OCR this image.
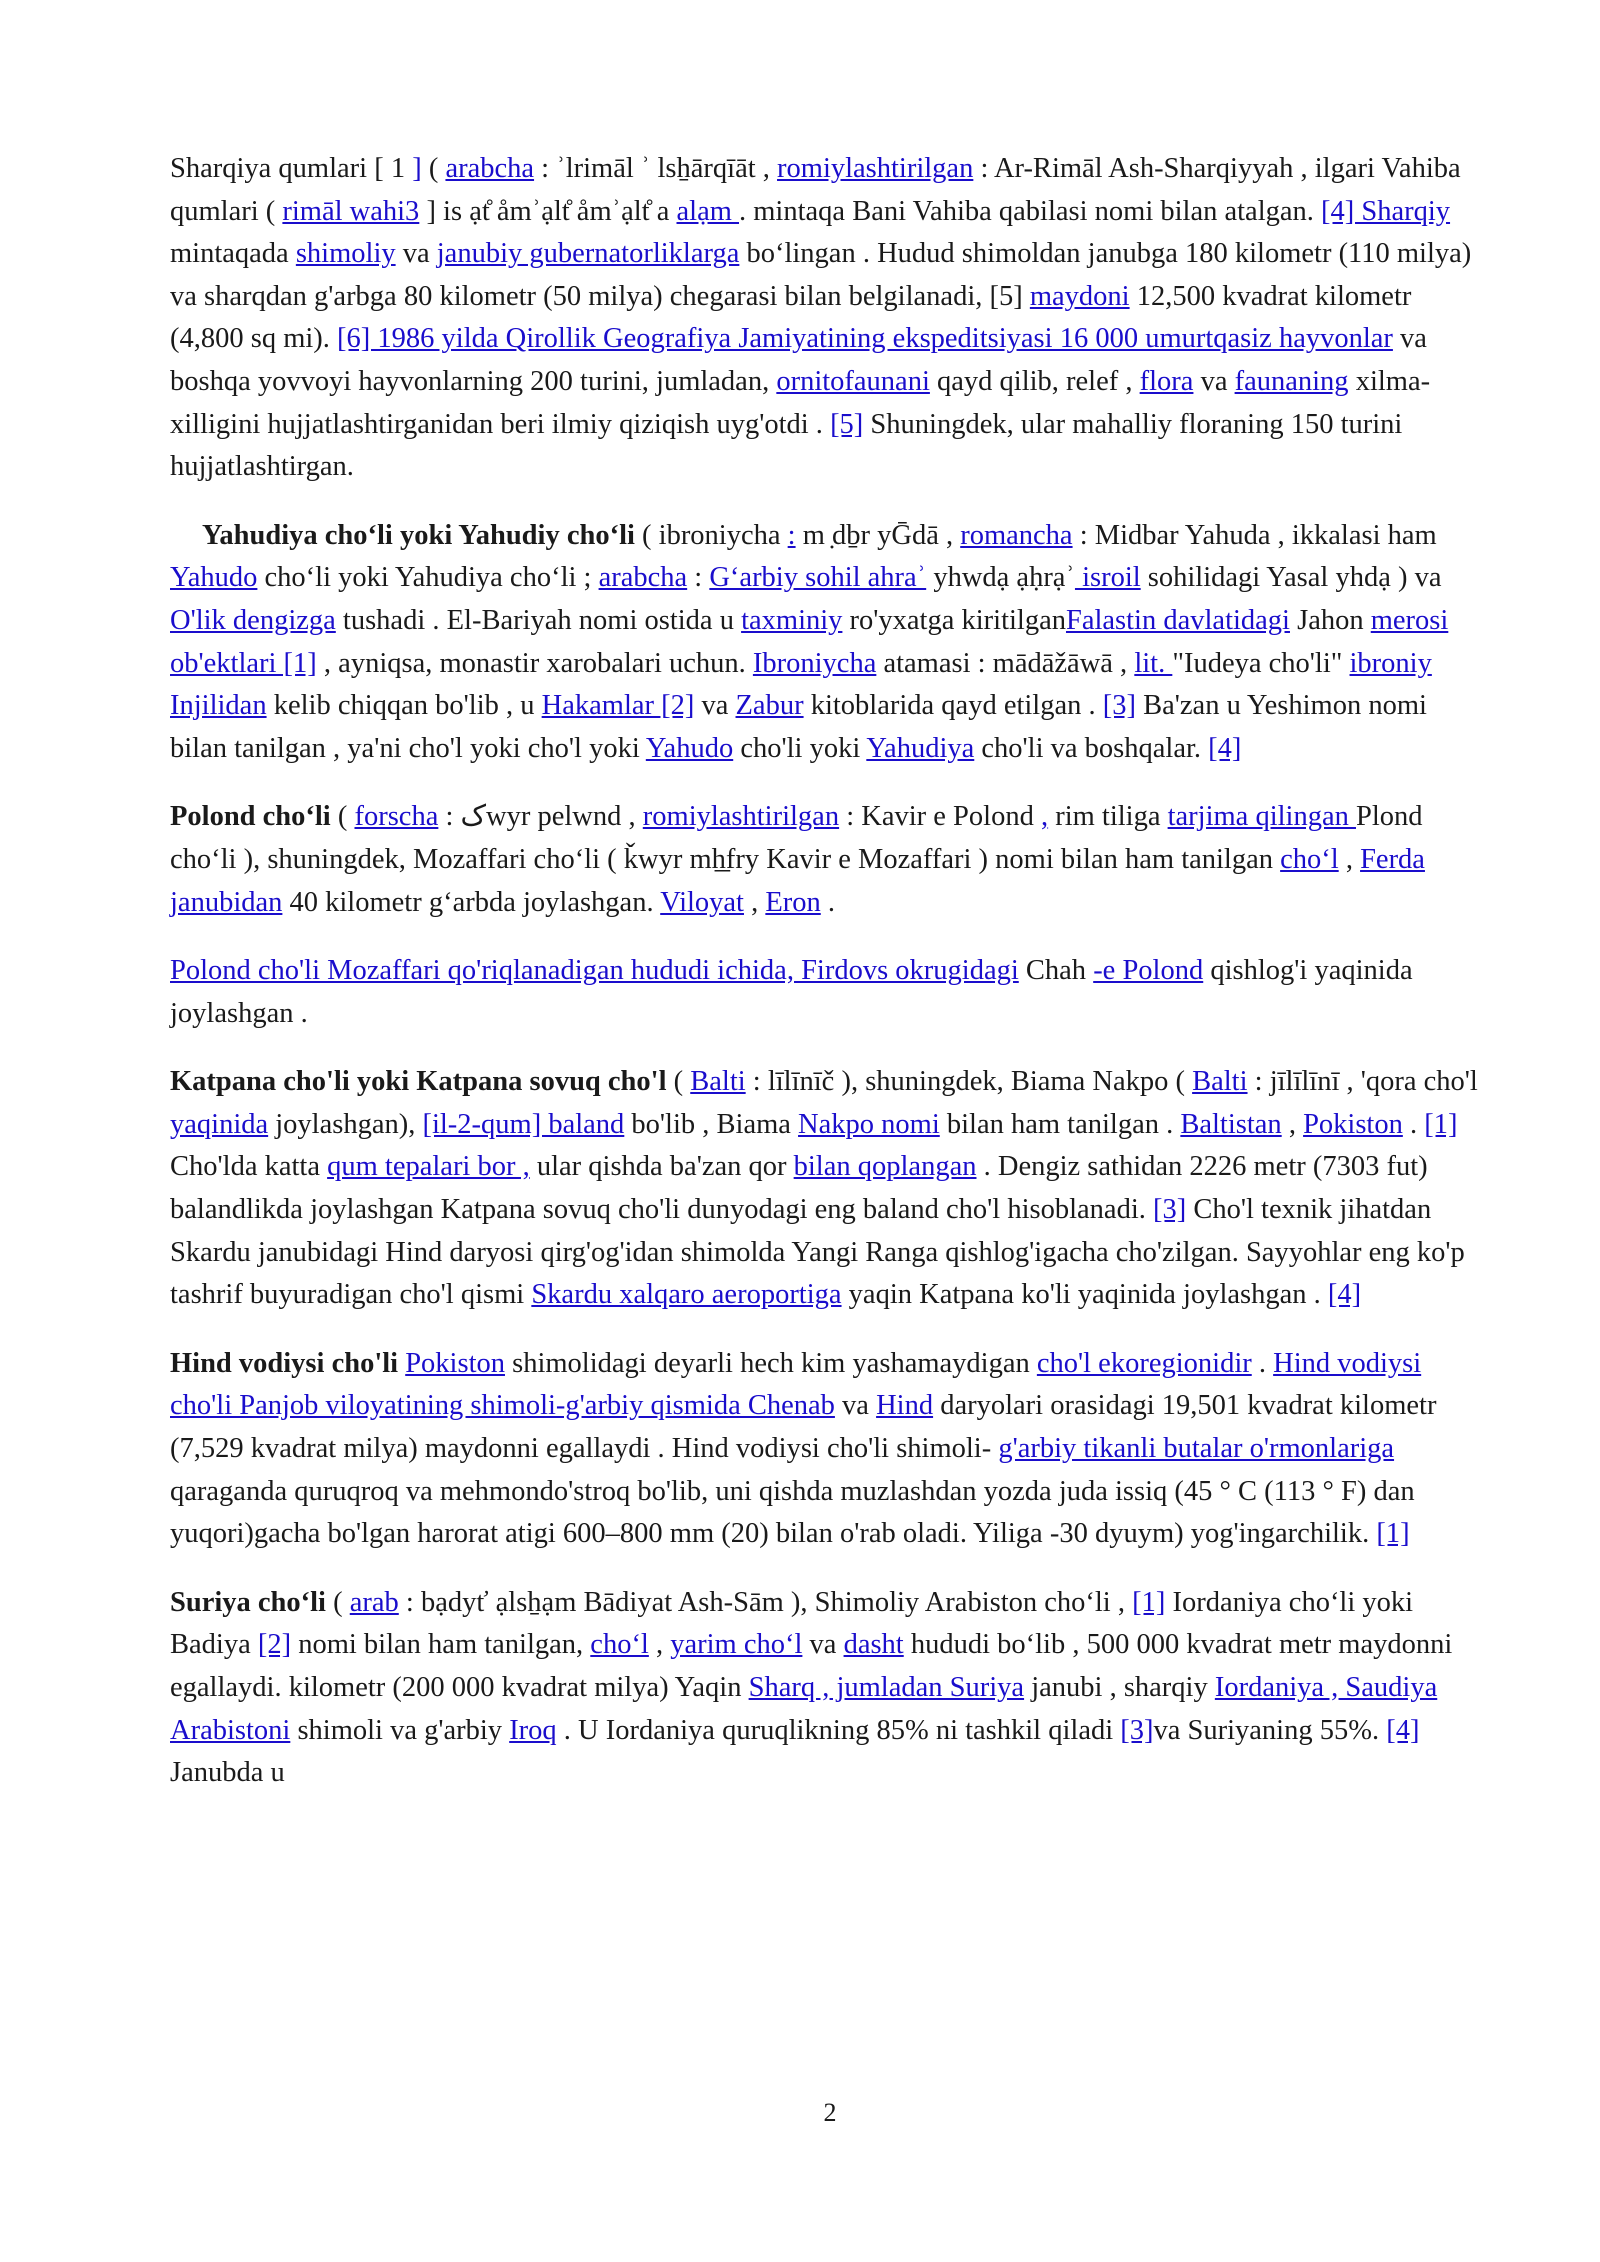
Sharqiya qumlari [ 1 ] ( arabcha : ʾlrimāl ʾ lsẖārqīāt , romiylashtirilgan : Ar-Rimāl Ash-Sharqiyyah , ilgari Vahiba qumlari ( rimāl wahi3 ] is ạt̊ åmʾạlt̊ åmʾạlt̊ a alạm . mintaqa Bani Vahiba qabilasi nomi bilan atalgan. [4] Sharqiy mintaqada shimoliy va janubiy gubernatorliklarga bo‘lingan . Hudud shimoldan janubga 180 kilometr (110 milya) va sharqdan g'arbga 80 kilometr (50 milya) chegarasi bilan belgilanadi, [5] maydoni 12,500 kvadrat kilometr (4,800 sq mi). [6] 1986 yilda Qirollik Geografiya Jamiyatining ekspeditsiyasi 16 000 umurtqasiz hayvonlar va boshqa yovvoyi hayvonlarning 200 turini, jumladan, ornitofaunani qayd qilib, relef , flora va faunaning xilma-xilligini hujjatlashtirganidan beri ilmiy qiziqish uyg'otdi . [5] Shuningdek, ular mahalliy floraning 150 turini hujjatlashtirgan.

Yahudiya cho‘li yoki Yahudiy cho‘li ( ibroniycha : m ̣dḇr yḠdā , romancha : Midbar Yahuda , ikkalasi ham Yahudo cho‘li yoki Yahudiya cho‘li ; arabcha : G‘arbiy sohil ahraʾ yhwdạ ạḥrạʾ isroil sohilidagi Yasal yhdạ ) va O'lik dengizga tushadi . El-Bariyah nomi ostida u taxminiy ro'yxatga kiritilganFalastin davlatidagi Jahon merosi ob'ektlari [1] , ayniqsa, monastir xarobalari uchun. Ibroniycha atamasi : mādāžāwā , lit. "Iudeya cho'li" ibroniy Injilidan kelib chiqqan bo'lib , u Hakamlar [2] va Zabur kitoblarida qayd etilgan . [3] Ba'zan u Yeshimon nomi bilan tanilgan , ya'ni cho'l yoki cho'l yoki Yahudo cho'li yoki Yahudiya cho'li va boshqalar. [4]

Polond cho‘li ( forscha : کwyr pelwnd , romiylashtirilgan : Kavir e Polond , rim tiliga tarjima qilingan Plond cho‘li ), shuningdek, Mozaffari cho‘li ( ǩwyr mẖ̱fry Kavir e Mozaffari ) nomi bilan ham tanilgan cho‘l , Ferda janubidan 40 kilometr g‘arbda joylashgan. Viloyat , Eron .

Polond cho'li Mozaffari qo'riqlanadigan hududi ichida, Firdovs okrugidagi Chah -e Polond qishlog'i yaqinida joylashgan .

Katpana cho'li yoki Katpana sovuq cho'l ( Balti : līlīnīč ), shuningdek, Biama Nakpo ( Balti : jīlīlīnī , 'qora cho'l yaqinida joylashgan), [il-2-qum] baland bo'lib , Biama Nakpo nomi bilan ham tanilgan . Baltistan , Pokiston . [1] Cho'lda katta qum tepalari bor , ular qishda ba'zan qor bilan qoplangan . Dengiz sathidan 2226 metr (7303 fut) balandlikda joylashgan Katpana sovuq cho'li dunyodagi eng baland cho'l hisoblanadi. [3] Cho'l texnik jihatdan Skardu janubidagi Hind daryosi qirg'og'idan shimolda Yangi Ranga qishlog'igacha cho'zilgan. Sayyohlar eng ko'p tashrif buyuradigan cho'l qismi Skardu xalqaro aeroportiga yaqin Katpana ko'li yaqinida joylashgan . [4]

Hind vodiysi cho'li Pokiston shimolidagi deyarli hech kim yashamaydigan cho'l ekoregionidir . Hind vodiysi cho'li Panjob viloyatining shimoli-g'arbiy qismida Chenab va Hind daryolari orasidagi 19,501 kvadrat kilometr (7,529 kvadrat milya) maydonni egallaydi . Hind vodiysi cho'li shimoli- g'arbiy tikanli butalar o'rmonlariga qaraganda quruqroq va mehmondo'stroq bo'lib, uni qishda muzlashdan yozda juda issiq (45 ° C (113 ° F) dan yuqori)gacha bo'lgan harorat atigi 600–800 mm (20) bilan o'rab oladi. Yiliga -30 dyuym) yog'ingarchilik. [1]

Suriya cho‘li ( arab : bạdyť ạlsẖạm Bādiyat Ash-Sām ), Shimoliy Arabiston cho‘li , [1] Iordaniya cho‘li yoki Badiya [2] nomi bilan ham tanilgan, cho‘l , yarim cho‘l va dasht hududi bo‘lib , 500 000 kvadrat metr maydonni egallaydi. kilometr (200 000 kvadrat milya) Yaqin Sharq , jumladan Suriya janubi , sharqiy Iordaniya , Saudiya Arabistoni shimoli va g'arbiy Iroq . U Iordaniya quruqlikning 85% ni tashkil qiladi [3]va Suriyaning 55%. [4] Janubda u

2
